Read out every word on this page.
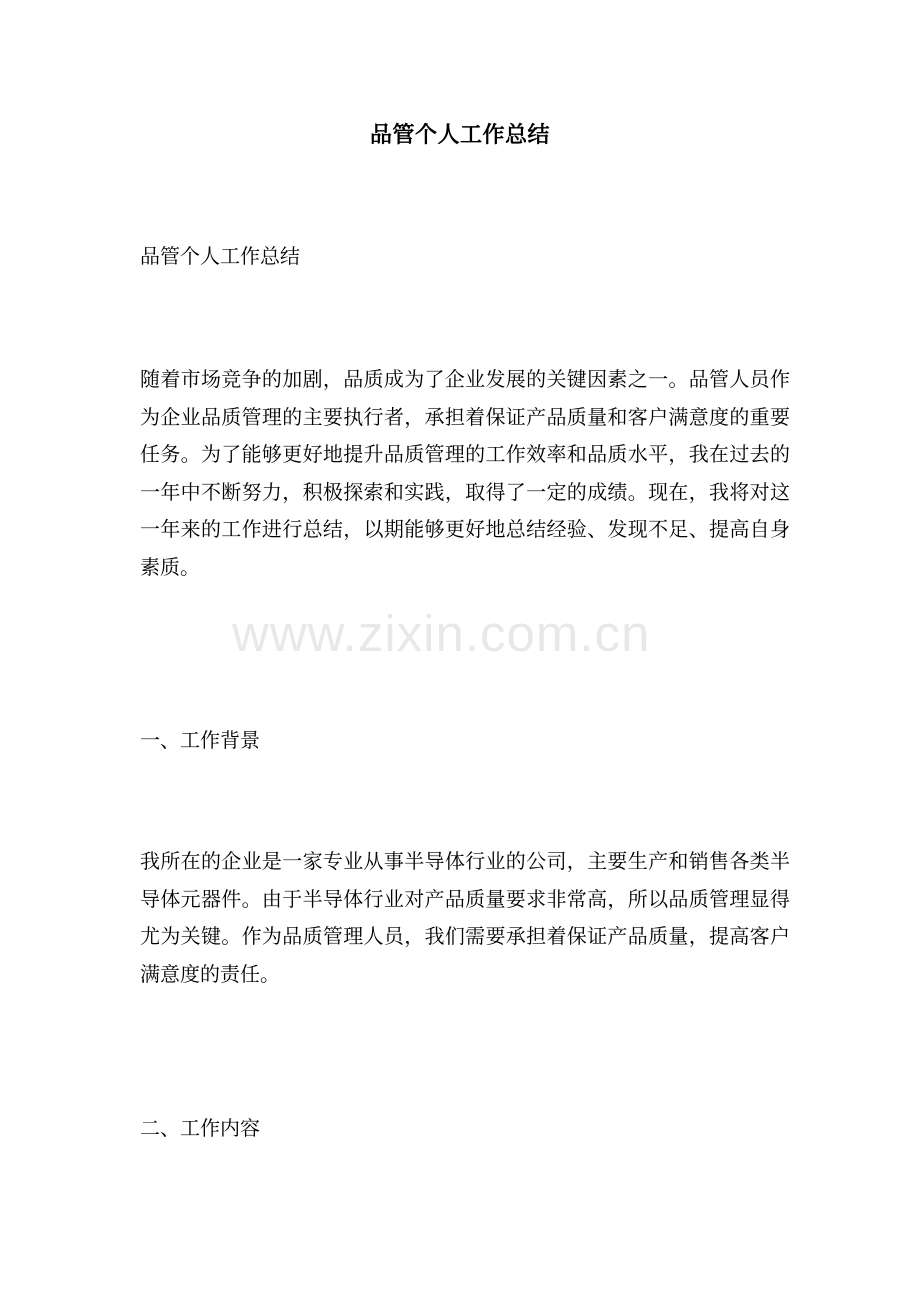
品管个人工作总结
品管个人工作总结
随着市场竞争的加剧，品质成为了企业发展的关键因素之一。品管人员作为企业品质管理的主要执行者，承担着保证产品质量和客户满意度的重要任务。为了能够更好地提升品质管理的工作效率和品质水平，我在过去的一年中不断努力，积极探索和实践，取得了一定的成绩。现在，我将对这一年来的工作进行总结，以期能够更好地总结经验、发现不足、提高自身素质。
一、工作背景
我所在的企业是一家专业从事半导体行业的公司，主要生产和销售各类半导体元器件。由于半导体行业对产品质量要求非常高，所以品质管理显得尤为关键。作为品质管理人员，我们需要承担着保证产品质量，提高客户满意度的责任。
二、工作内容
www.zixin.com.cn
